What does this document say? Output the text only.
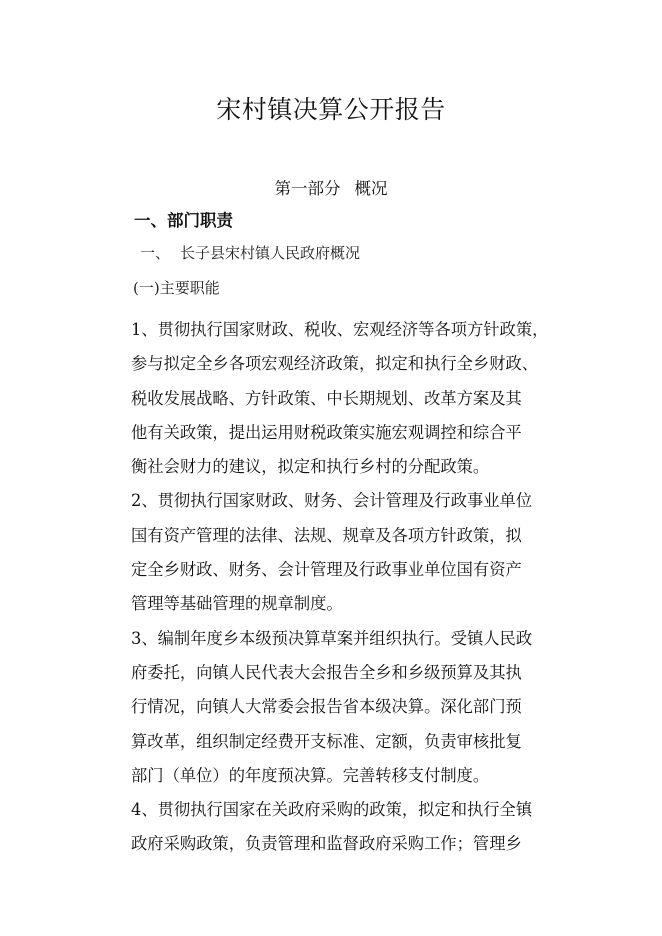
宋村镇决算公开报告
第一部分 概况
一、部门职责
一、 长子县宋村镇人民政府概况
(一)主要职能
1、贯彻执行国家财政、税收、宏观经济等各项方针政策，
参与拟定全乡各项宏观经济政策，拟定和执行全乡财政、
税收发展战略、方针政策、中长期规划、改革方案及其
他有关政策，提出运用财税政策实施宏观调控和综合平
衡社会财力的建议，拟定和执行乡村的分配政策。
2、贯彻执行国家财政、财务、会计管理及行政事业单位
国有资产管理的法律、法规、规章及各项方针政策，拟
定全乡财政、财务、会计管理及行政事业单位国有资产
管理等基础管理的规章制度。
3、编制年度乡本级预决算草案并组织执行。受镇人民政
府委托，向镇人民代表大会报告全乡和乡级预算及其执
行情况，向镇人大常委会报告省本级决算。深化部门预
算改革，组织制定经费开支标准、定额，负责审核批复
部门（单位）的年度预决算。完善转移支付制度。
4、贯彻执行国家在关政府采购的政策，拟定和执行全镇
政府采购政策，负责管理和监督政府采购工作；管理乡
